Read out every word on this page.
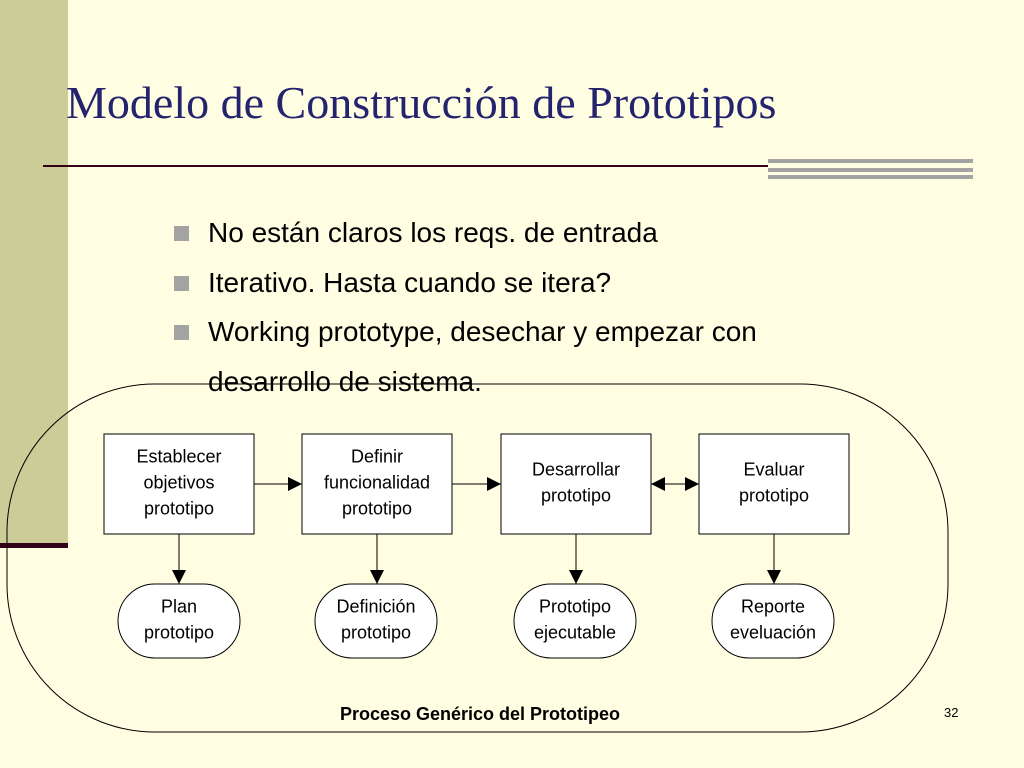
Modelo de Construcción de Prototipos
No están claros los reqs. de entrada
Iterativo. Hasta cuando se itera?
Working prototype, desechar y empezar con desarrollo de sistema.
Establecer objetivos prototipo
Definir funcionalidad prototipo
Desarrollar prototipo
Evaluar prototipo
Plan prototipo
Definición prototipo
Prototipo ejecutable
Reporte eveluación
Proceso Genérico del Prototipeo	32
